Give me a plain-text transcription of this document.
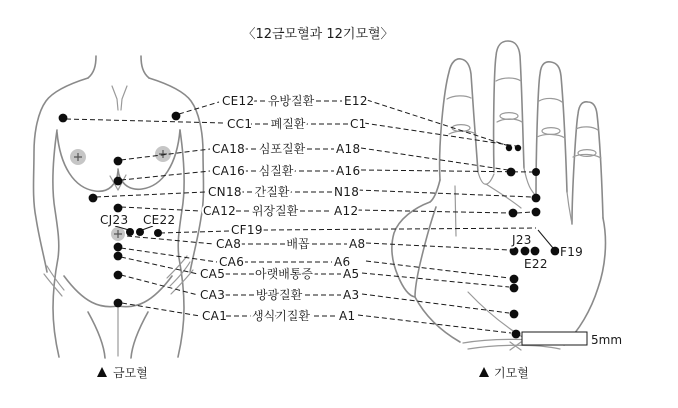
5mm
〈12금모혈과 12기모혈〉
CE12 유방질환 E12
CC1 폐질환	C1
CA18 심포질환	A18
CA16 심질환	A16
CN18 간질환	N18
CA12 위장질환	A12
CF19
CA8	배꼽	A8
CA6	A6
CA5 아랫배통증	A5
CA3	방광질환	A3
CA1 생식기질환 A1
CJ23 CE22
J23
F19
E22
금모혈	기모혈
